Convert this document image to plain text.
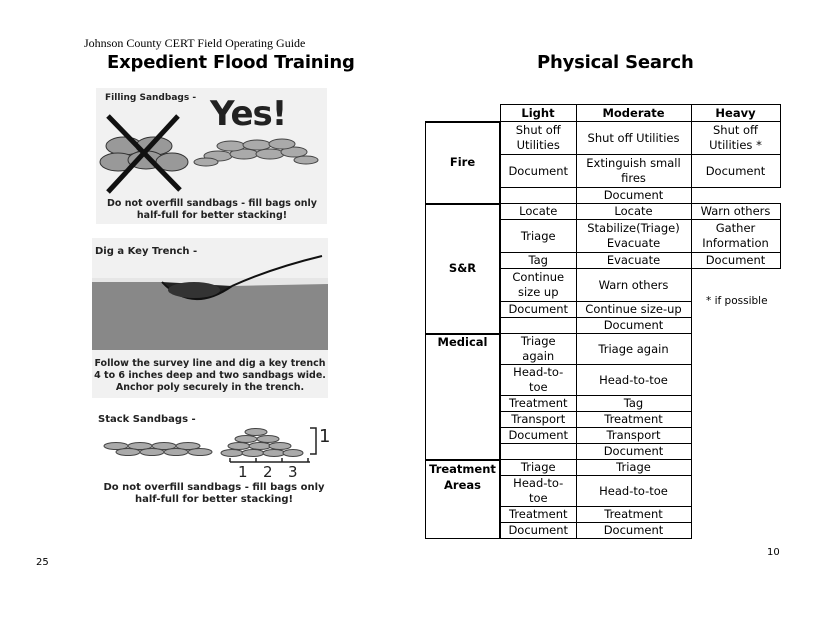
Johnson County CERT Field Operating Guide
Expedient Flood Training	Physical Search
Filling Sandbags - Yes!
Do not overfill sandbags - fill bags only
half-full for better stacking!
Dig a Key Trench -
Follow the survey line and dig a key trench
4 to 6 inches deep and two sandbags wide.
Anchor poly securely in the trench.
Stack Sandbags -
1
1 2 3
Do not overfill sandbags - fill bags only
half-full for better stacking!
	Light	Moderate	Heavy
Fire	Shut off Utilities	Shut off Utilities	Shut off Utilities *
	Document	Extinguish small fires	Document
		Document	
S&R	Locate	Locate	Warn others
	Triage	Stabilize(Triage) Evacuate	Gather Information
	Tag	Evacuate	Document
	Continue size up	Warn others	
	Document	Continue size-up	
		Document	
Medical	Triage again	Triage again	
	Head-to-toe	Head-to-toe	
	Treatment	Tag	
	Transport	Treatment	
	Document	Transport	
		Document	

Treatment
Areas	Triage	Triage	
	Head-to-toe	Head-to-toe	
	Treatment	Treatment	
	Document	Document	
* if possible
25
10
